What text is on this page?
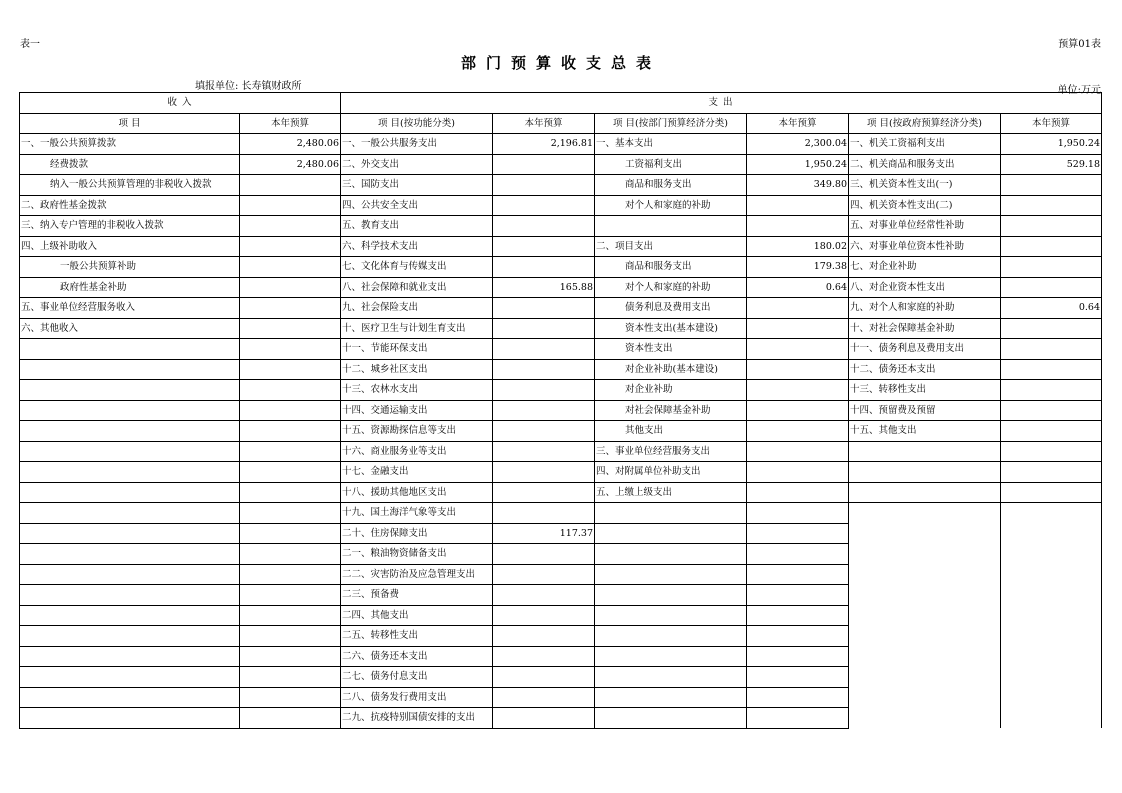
表一	预算01表
部门预算收支总表
填报单位: 长寿镇财政所	单位:万元
收 入		支 出					
项 目	本年预算	项 目(按功能分类)	本年预算	项 目(按部门预算经济分类)	本年预算	项 目(按政府预算经济分类)	本年预算
一、一般公共预算拨款	2,480.06	一、一般公共服务支出	2,196.81	一、基本支出	2,300.04	一、机关工资福利支出	1,950.24
经费拨款	2,480.06	二、外交支出		工资福利支出	1,950.24	二、机关商品和服务支出	529.18
纳入一般公共预算管理的非税收入拨款		三、国防支出		商品和服务支出	349.80	三、机关资本性支出(一)	
二、政府性基金拨款		四、公共安全支出		对个人和家庭的补助		四、机关资本性支出(二)	
三、纳入专户管理的非税收入拨款		五、教育支出				五、对事业单位经常性补助	
四、上级补助收入		六、科学技术支出		二、项目支出	180.02	六、对事业单位资本性补助	
一般公共预算补助		七、文化体育与传媒支出		商品和服务支出	179.38	七、对企业补助	
政府性基金补助		八、社会保障和就业支出	165.88	对个人和家庭的补助	0.64	八、对企业资本性支出	
五、事业单位经营服务收入		九、社会保险支出		债务利息及费用支出		九、对个人和家庭的补助	0.64
六、其他收入		十、医疗卫生与计划生育支出		资本性支出(基本建设)		十、对社会保障基金补助	
		十一、节能环保支出		资本性支出		十一、债务利息及费用支出	
		十二、城乡社区支出		对企业补助(基本建设)		十二、债务还本支出	
		十三、农林水支出		对企业补助		十三、转移性支出	
		十四、交通运输支出		对社会保障基金补助		十四、预留费及预留	
		十五、资源勘探信息等支出		其他支出		十五、其他支出	
		十六、商业服务业等支出		三、事业单位经营服务支出			
		十七、金融支出		四、对附属单位补助支出			
		十八、援助其他地区支出		五、上缴上级支出			
		十九、国土海洋气象等支出					
		二十、住房保障支出	117.37				
		二一、粮油物资储备支出					
		二二、灾害防治及应急管理支出					
		二三、预备费					
		二四、其他支出					
		二五、转移性支出					
		二六、债务还本支出					
		二七、债务付息支出					
		二八、债务发行费用支出					
		二九、抗疫特别国债安排的支出					
